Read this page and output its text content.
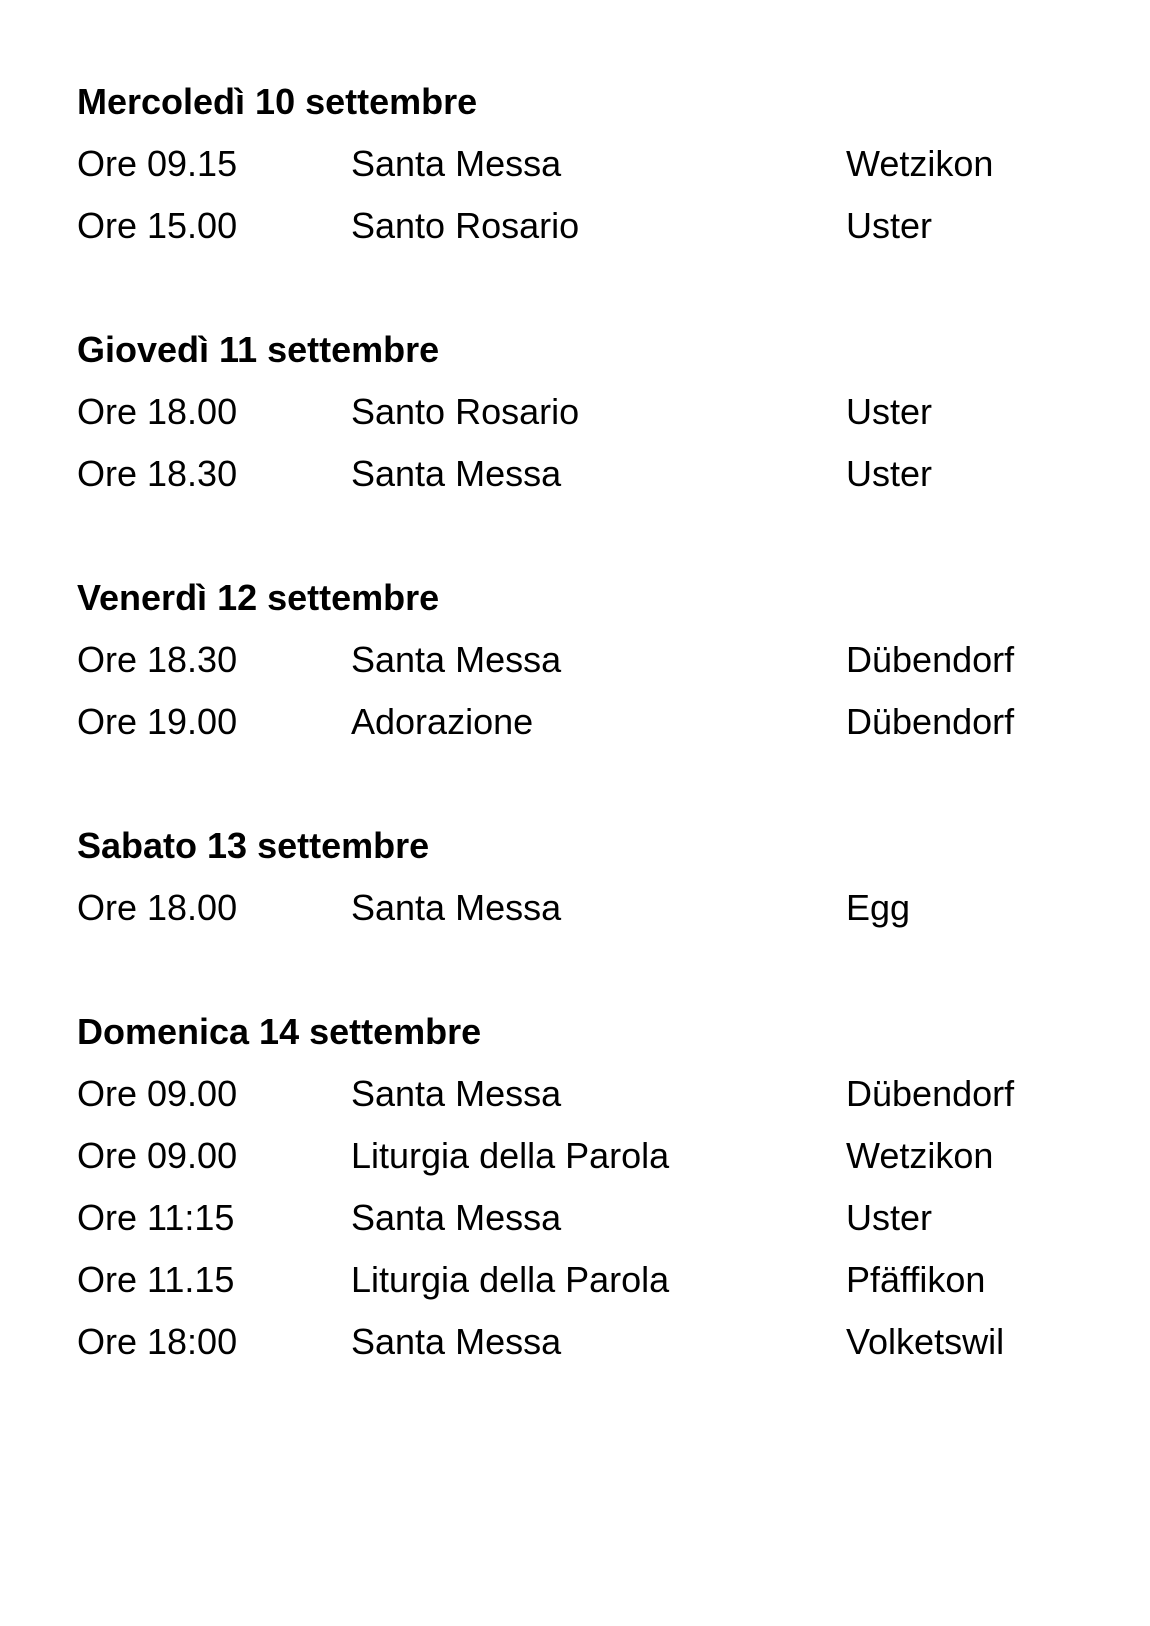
Mercoledì 10 settembre
Ore 09.15	Santa Messa	Wetzikon
Ore 15.00	Santo Rosario	Uster
Giovedì 11 settembre
Ore 18.00	Santo Rosario	Uster
Ore 18.30	Santa Messa	Uster
Venerdì 12 settembre
Ore 18.30	Santa Messa	Dübendorf
Ore 19.00	Adorazione	Dübendorf
Sabato 13 settembre
Ore 18.00	Santa Messa	Egg
Domenica 14 settembre
Ore 09.00	Santa Messa	Dübendorf
Ore 09.00	Liturgia della Parola	Wetzikon
Ore 11:15	Santa Messa	Uster
Ore 11.15	Liturgia della Parola	Pfäffikon
Ore 18:00	Santa Messa	Volketswil
